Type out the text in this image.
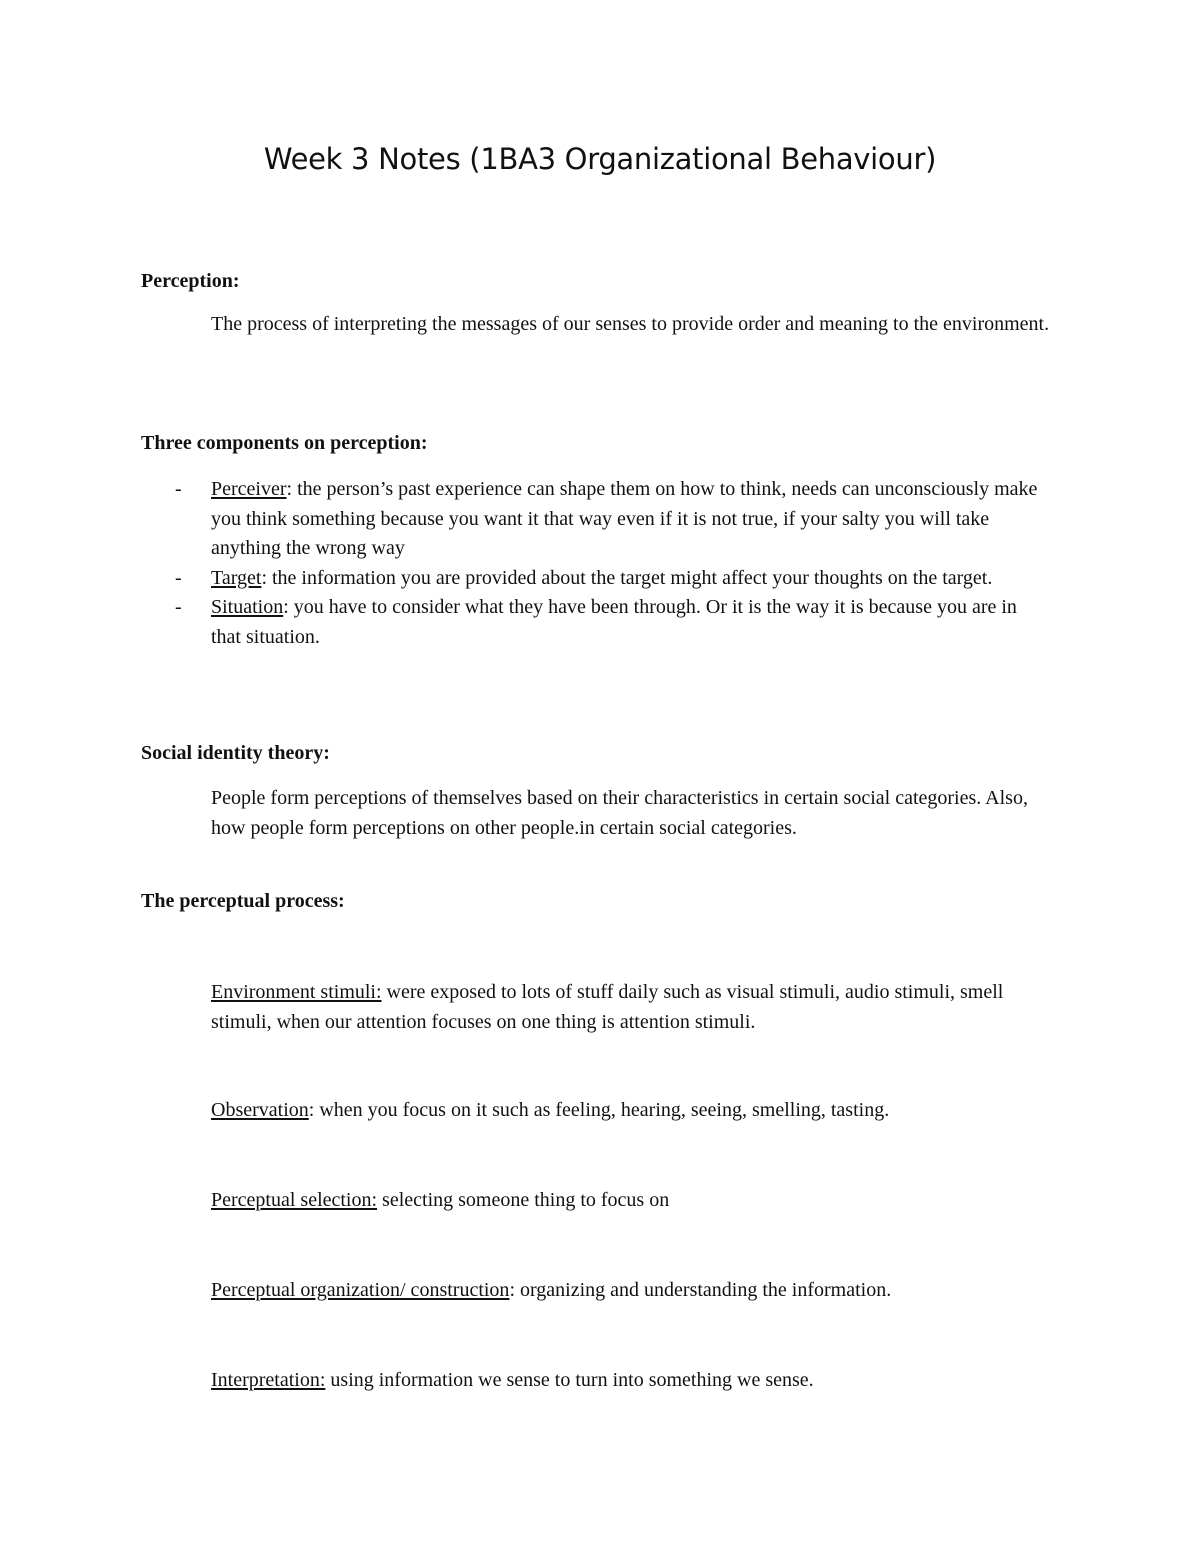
Week 3 Notes (1BA3 Organizational Behaviour)

Perception:

The process of interpreting the messages of our senses to provide order and meaning to the environment.

Three components on perception:

- Perceiver: the person’s past experience can shape them on how to think, needs can unconsciously make you think something because you want it that way even if it is not true, if your salty you will take anything the wrong way
- Target: the information you are provided about the target might affect your thoughts on the target.
- Situation: you have to consider what they have been through. Or it is the way it is because you are in that situation.

Social identity theory:

People form perceptions of themselves based on their characteristics in certain social categories. Also, how people form perceptions on other people.in certain social categories.

The perceptual process:

Environment stimuli: were exposed to lots of stuff daily such as visual stimuli, audio stimuli, smell stimuli, when our attention focuses on one thing is attention stimuli.

Observation: when you focus on it such as feeling, hearing, seeing, smelling, tasting.

Perceptual selection: selecting someone thing to focus on

Perceptual organization/ construction: organizing and understanding the information.

Interpretation: using information we sense to turn into something we sense.
